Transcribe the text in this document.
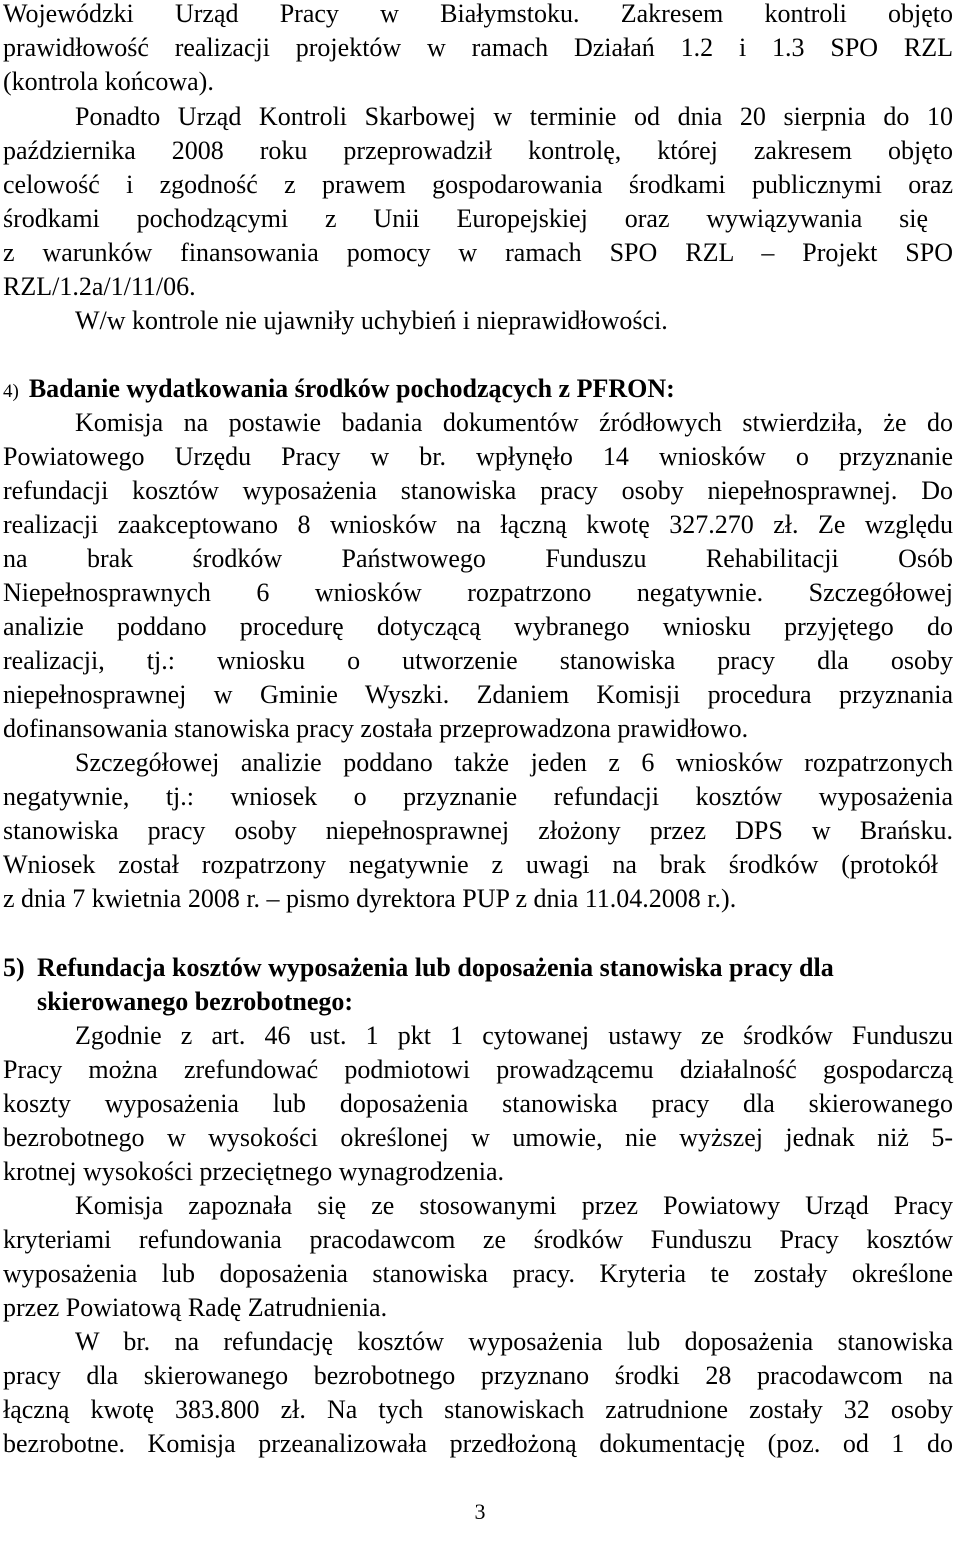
Wojewódzki Urząd Pracy w Białymstoku. Zakresem kontroli objęto
prawidłowość realizacji projektów w ramach Działań 1.2 i 1.3 SPO RZL
(kontrola końcowa).
Ponadto Urząd Kontroli Skarbowej w terminie od dnia 20 sierpnia do 10
października 2008 roku przeprowadził kontrolę, której zakresem objęto
celowość i zgodność z prawem gospodarowania środkami publicznymi oraz
środkami pochodzącymi z Unii Europejskiej oraz wywiązywania się
z warunków finansowania pomocy w ramach SPO RZL – Projekt SPO
RZL/1.2a/1/11/06.
W/w kontrole nie ujawniły uchybień i nieprawidłowości.
4) Badanie wydatkowania środków pochodzących z PFRON:
Komisja na postawie badania dokumentów źródłowych stwierdziła, że do
Powiatowego Urzędu Pracy w br. wpłynęło 14 wniosków o przyznanie
refundacji kosztów wyposażenia stanowiska pracy osoby niepełnosprawnej. Do
realizacji zaakceptowano 8 wniosków na łączną kwotę 327.270 zł. Ze względu
na brak środków Państwowego Funduszu Rehabilitacji Osób
Niepełnosprawnych 6 wniosków rozpatrzono negatywnie. Szczegółowej
analizie poddano procedurę dotyczącą wybranego wniosku przyjętego do
realizacji, tj.: wniosku o utworzenie stanowiska pracy dla osoby
niepełnosprawnej w Gminie Wyszki. Zdaniem Komisji procedura przyznania
dofinansowania stanowiska pracy została przeprowadzona prawidłowo.
Szczegółowej analizie poddano także jeden z 6 wniosków rozpatrzonych
negatywnie, tj.: wniosek o przyznanie refundacji kosztów wyposażenia
stanowiska pracy osoby niepełnosprawnej złożony przez DPS w Brańsku.
Wniosek został rozpatrzony negatywnie z uwagi na brak środków (protokół
z dnia 7 kwietnia 2008 r. – pismo dyrektora PUP z dnia 11.04.2008 r.).
5) Refundacja kosztów wyposażenia lub doposażenia stanowiska pracy dla
skierowanego bezrobotnego:
Zgodnie z art. 46 ust. 1 pkt 1 cytowanej ustawy ze środków Funduszu
Pracy można zrefundować podmiotowi prowadzącemu działalność gospodarczą
koszty wyposażenia lub doposażenia stanowiska pracy dla skierowanego
bezrobotnego w wysokości określonej w umowie, nie wyższej jednak niż 5-
krotnej wysokości przeciętnego wynagrodzenia.
Komisja zapoznała się ze stosowanymi przez Powiatowy Urząd Pracy
kryteriami refundowania pracodawcom ze środków Funduszu Pracy kosztów
wyposażenia lub doposażenia stanowiska pracy. Kryteria te zostały określone
przez Powiatową Radę Zatrudnienia.
W br. na refundację kosztów wyposażenia lub doposażenia stanowiska
pracy dla skierowanego bezrobotnego przyznano środki 28 pracodawcom na
łączną kwotę 383.800 zł. Na tych stanowiskach zatrudnione zostały 32 osoby
bezrobotne. Komisja przeanalizowała przedłożoną dokumentację (poz. od 1 do
3
